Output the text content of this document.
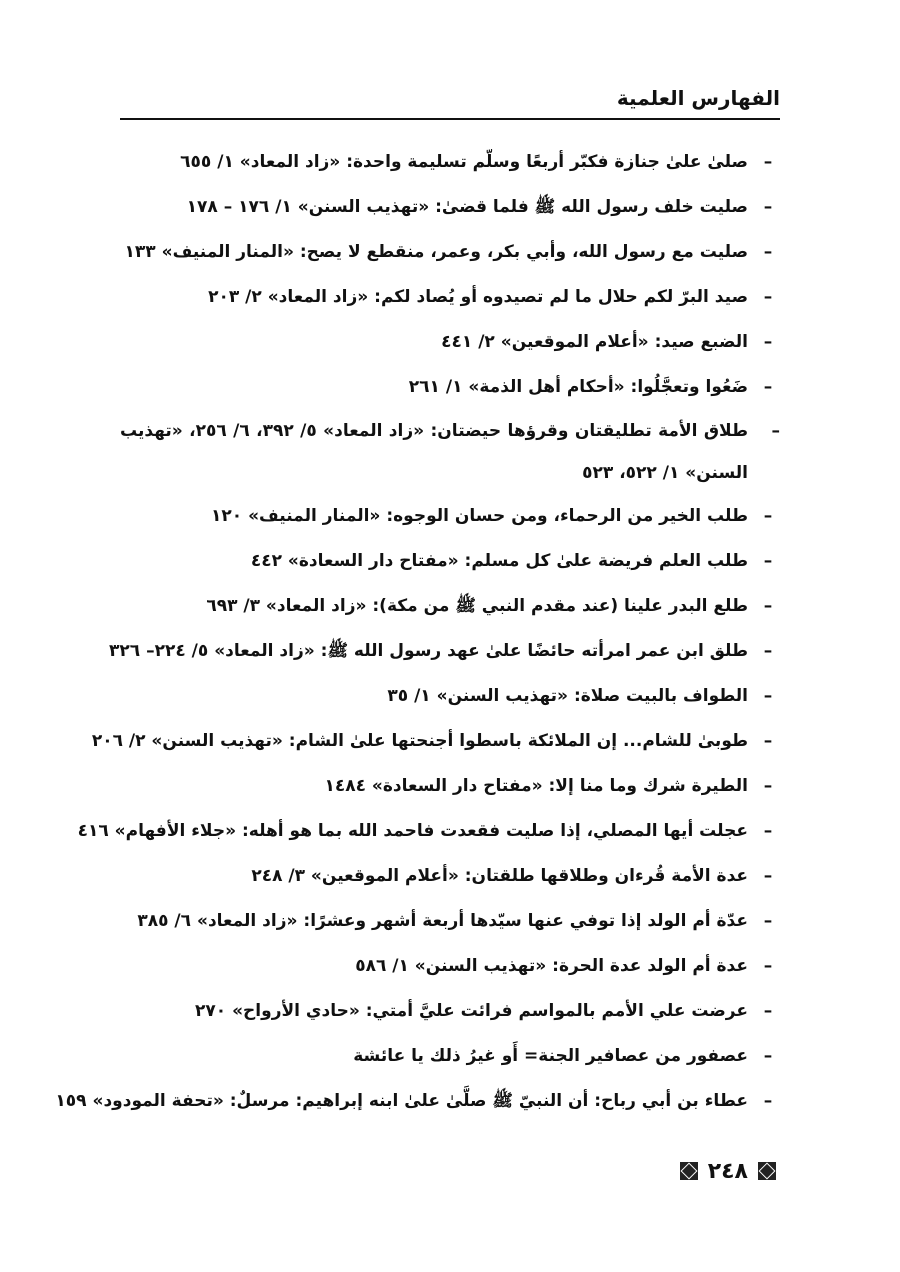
الفهارس العلمية
–
صلىٰ علىٰ جنازة فكبّر أربعًا وسلّم تسليمة واحدة: «زاد المعاد» ١/ ٦٥٥
–
صليت خلف رسول الله ﷺ فلما قضىٰ: «تهذيب السنن» ١/ ١٧٦ – ١٧٨
–
صليت مع رسول الله، وأبي بكر، وعمر، منقطع لا يصح: «المنار المنيف» ١٣٣
–
صيد البرّ لكم حلال ما لم تصيدوه أو يُصاد لكم: «زاد المعاد» ٢/ ٢٠٣
–
الضبع صيد: «أعلام الموقعين» ٢/ ٤٤١
–
ضَعُوا وتعجَّلُوا: «أحكام أهل الذمة» ١/ ٢٦١
–
طلاق الأمة تطليقتان وقرؤها حيضتان: «زاد المعاد» ٥/ ٣٩٢، ٦/ ٢٥٦، «تهذيب السنن» ١/ ٥٢٢، ٥٢٣
–
طلب الخير من الرحماء، ومن حسان الوجوه: «المنار المنيف» ١٢٠
–
طلب العلم فريضة علىٰ كل مسلم: «مفتاح دار السعادة» ٤٤٢
–
طلع البدر علينا (عند مقدم النبي ﷺ من مكة): «زاد المعاد» ٣/ ٦٩٣
–
طلق ابن عمر امرأته حائضًا علىٰ عهد رسول الله ﷺ: «زاد المعاد» ٥/ ٢٢٤– ٣٢٦
–
الطواف بالبيت صلاة: «تهذيب السنن» ١/ ٣٥
–
طوبىٰ للشام... إن الملائكة باسطوا أجنحتها علىٰ الشام: «تهذيب السنن» ٢/ ٢٠٦
–
الطيرة شرك وما منا إلا: «مفتاح دار السعادة» ١٤٨٤
–
عجلت أيها المصلي، إذا صليت فقعدت فاحمد الله بما هو أهله: «جلاء الأفهام» ٤١٦
–
عدة الأمة قُرءان وطلاقها طلقتان: «أعلام الموقعين» ٣/ ٢٤٨
–
عدّة أم الولد إذا توفي عنها سيّدها أربعة أشهر وعشرًا: «زاد المعاد» ٦/ ٣٨٥
–
عدة أم الولد عدة الحرة: «تهذيب السنن» ١/ ٥٨٦
–
عرضت علي الأمم بالمواسم فرائت عليَّ أمتي: «حادي الأرواح» ٢٧٠
–
عصفور من عصافير الجنة= أَو غيرُ ذلك يا عائشة
–
عطاء بن أبي رباح: أن النبيّ ﷺ صلَّىٰ علىٰ ابنه إبراهيم: مرسلٌ: «تحفة المودود» ١٥٩
٢٤٨
